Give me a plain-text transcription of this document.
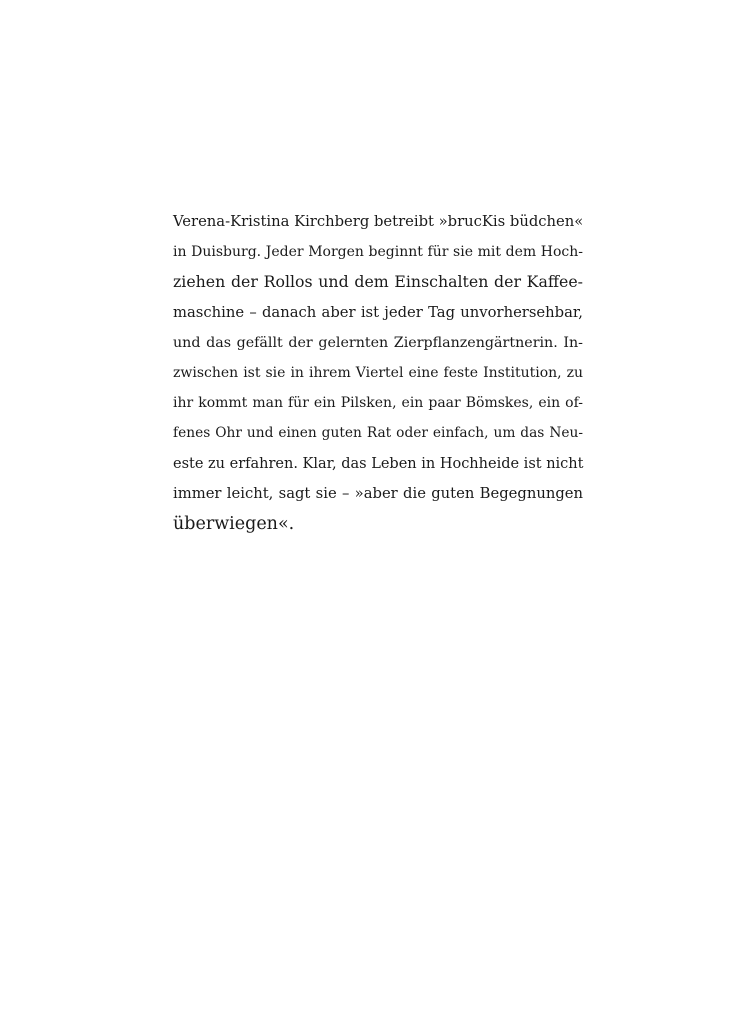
Verena-Kristina Kirchberg betreibt »brucKis büdchen«
in Duisburg. Jeder Morgen beginnt für sie mit dem Hoch-
ziehen der Rollos und dem Einschalten der Kaffee-
maschine – danach aber ist jeder Tag unvorhersehbar,
und das gefällt der gelernten Zierpflanzengärtnerin. In-
zwischen ist sie in ihrem Viertel eine feste Institution, zu
ihr kommt man für ein Pilsken, ein paar Bömskes, ein of-
fenes Ohr und einen guten Rat oder einfach, um das Neu-
este zu erfahren. Klar, das Leben in Hochheide ist nicht
immer leicht, sagt sie – »aber die guten Begegnungen
überwiegen«.
